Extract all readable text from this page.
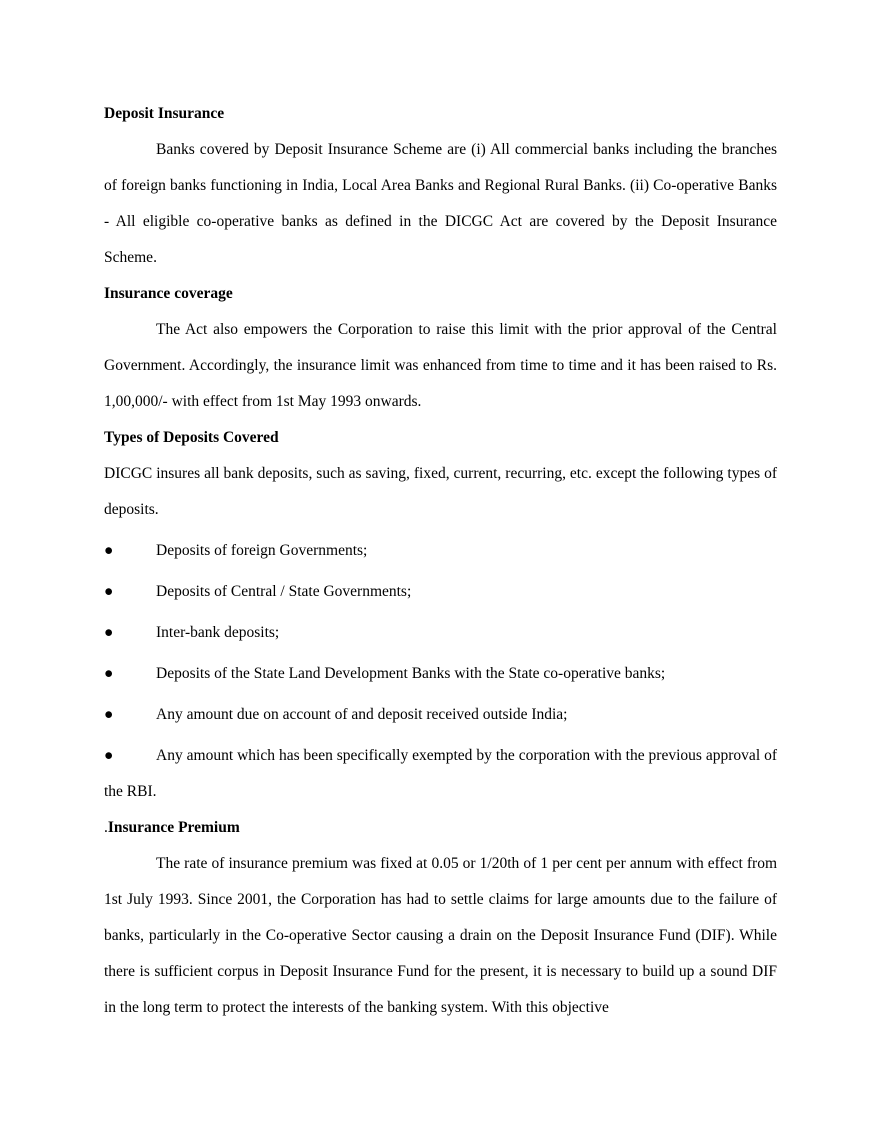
Deposit Insurance

Banks covered by Deposit Insurance Scheme are (i) All commercial banks including the branches of foreign banks functioning in India, Local Area Banks and Regional Rural Banks. (ii) Co-operative Banks - All eligible co-operative banks as defined in the DICGC Act are covered by the Deposit Insurance Scheme.

Insurance coverage

The Act also empowers the Corporation to raise this limit with the prior approval of the Central Government. Accordingly, the insurance limit was enhanced from time to time and it has been raised to Rs. 1,00,000/- with effect from 1st May 1993 onwards.

Types of Deposits Covered

DICGC insures all bank deposits, such as saving, fixed, current, recurring, etc. except the following types of deposits.

●	Deposits of foreign Governments;
●	Deposits of Central / State Governments;
●	Inter-bank deposits;
●	Deposits of the State Land Development Banks with the State co-operative banks;
●	Any amount due on account of and deposit received outside India;
●	Any amount which has been specifically exempted by the corporation with the previous approval of the RBI.

.Insurance Premium

The rate of insurance premium was fixed at 0.05 or 1/20th of 1 per cent per annum with effect from 1st July 1993. Since 2001, the Corporation has had to settle claims for large amounts due to the failure of banks, particularly in the Co-operative Sector causing a drain on the Deposit Insurance Fund (DIF). While there is sufficient corpus in Deposit Insurance Fund for the present, it is necessary to build up a sound DIF in the long term to protect the interests of the banking system. With this objective
